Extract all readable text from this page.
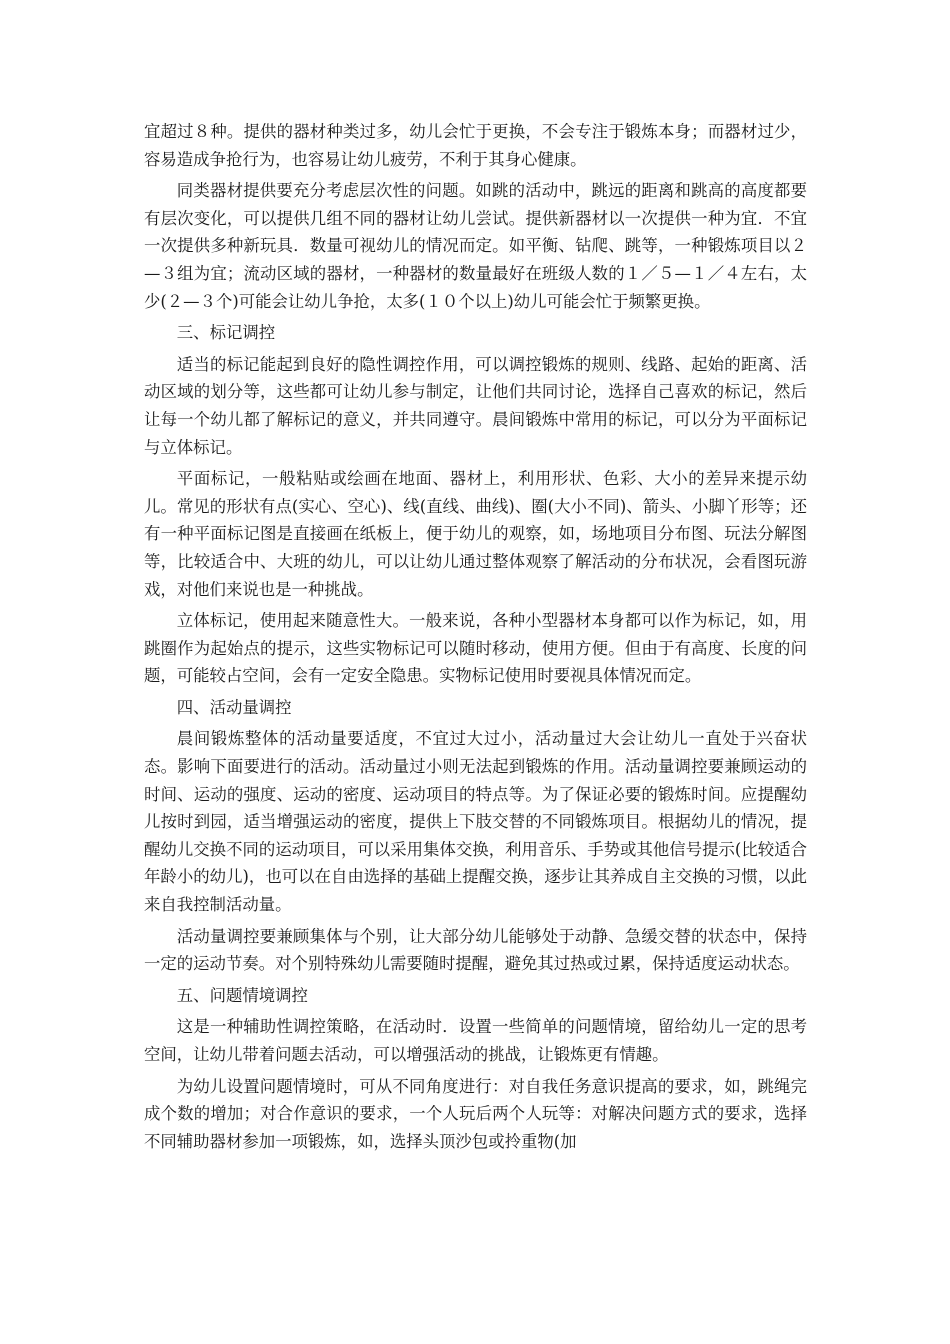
宜超过８种。提供的器材种类过多，幼儿会忙于更换，不会专注于锻炼本身；而器材过少，容易造成争抢行为，也容易让幼儿疲劳，不利于其身心健康。

同类器材提供要充分考虑层次性的问题。如跳的活动中，跳远的距离和跳高的高度都要有层次变化，可以提供几组不同的器材让幼儿尝试。提供新器材以一次提供一种为宜．不宜一次提供多种新玩具．数量可视幼儿的情况而定。如平衡、钻爬、跳等，一种锻炼项目以２—３组为宜；流动区域的器材，一种器材的数量最好在班级人数的１／５—１／４左右，太少(２—３个)可能会让幼儿争抢，太多(１０个以上)幼儿可能会忙于频繁更换。

三、标记调控

适当的标记能起到良好的隐性调控作用，可以调控锻炼的规则、线路、起始的距离、活动区域的划分等，这些都可让幼儿参与制定，让他们共同讨论，选择自己喜欢的标记，然后让每一个幼儿都了解标记的意义，并共同遵守。晨间锻炼中常用的标记，可以分为平面标记与立体标记。

平面标记，一般粘贴或绘画在地面、器材上，利用形状、色彩、大小的差异来提示幼儿。常见的形状有点(实心、空心)、线(直线、曲线)、圈(大小不同)、箭头、小脚丫形等；还有一种平面标记图是直接画在纸板上，便于幼儿的观察，如，场地项目分布图、玩法分解图等，比较适合中、大班的幼儿，可以让幼儿通过整体观察了解活动的分布状况，会看图玩游戏，对他们来说也是一种挑战。

立体标记，使用起来随意性大。一般来说，各种小型器材本身都可以作为标记，如，用跳圈作为起始点的提示，这些实物标记可以随时移动，使用方便。但由于有高度、长度的问题，可能较占空间，会有一定安全隐患。实物标记使用时要视具体情况而定。

四、活动量调控

晨间锻炼整体的活动量要适度，不宜过大过小，活动量过大会让幼儿一直处于兴奋状态。影响下面要进行的活动。活动量过小则无法起到锻炼的作用。活动量调控要兼顾运动的时间、运动的强度、运动的密度、运动项目的特点等。为了保证必要的锻炼时间。应提醒幼儿按时到园，适当增强运动的密度，提供上下肢交替的不同锻炼项目。根据幼儿的情况，提醒幼儿交换不同的运动项目，可以采用集体交换，利用音乐、手势或其他信号提示(比较适合年龄小的幼儿)，也可以在自由选择的基础上提醒交换，逐步让其养成自主交换的习惯，以此来自我控制活动量。

活动量调控要兼顾集体与个别，让大部分幼儿能够处于动静、急缓交替的状态中，保持一定的运动节奏。对个别特殊幼儿需要随时提醒，避免其过热或过累，保持适度运动状态。

五、问题情境调控

这是一种辅助性调控策略，在活动时．设置一些简单的问题情境，留给幼儿一定的思考空间，让幼儿带着问题去活动，可以增强活动的挑战，让锻炼更有情趣。

为幼儿设置问题情境时，可从不同角度进行：对自我任务意识提高的要求，如，跳绳完成个数的增加；对合作意识的要求，一个人玩后两个人玩等：对解决问题方式的要求，选择不同辅助器材参加一项锻炼，如，选择头顶沙包或拎重物(加
